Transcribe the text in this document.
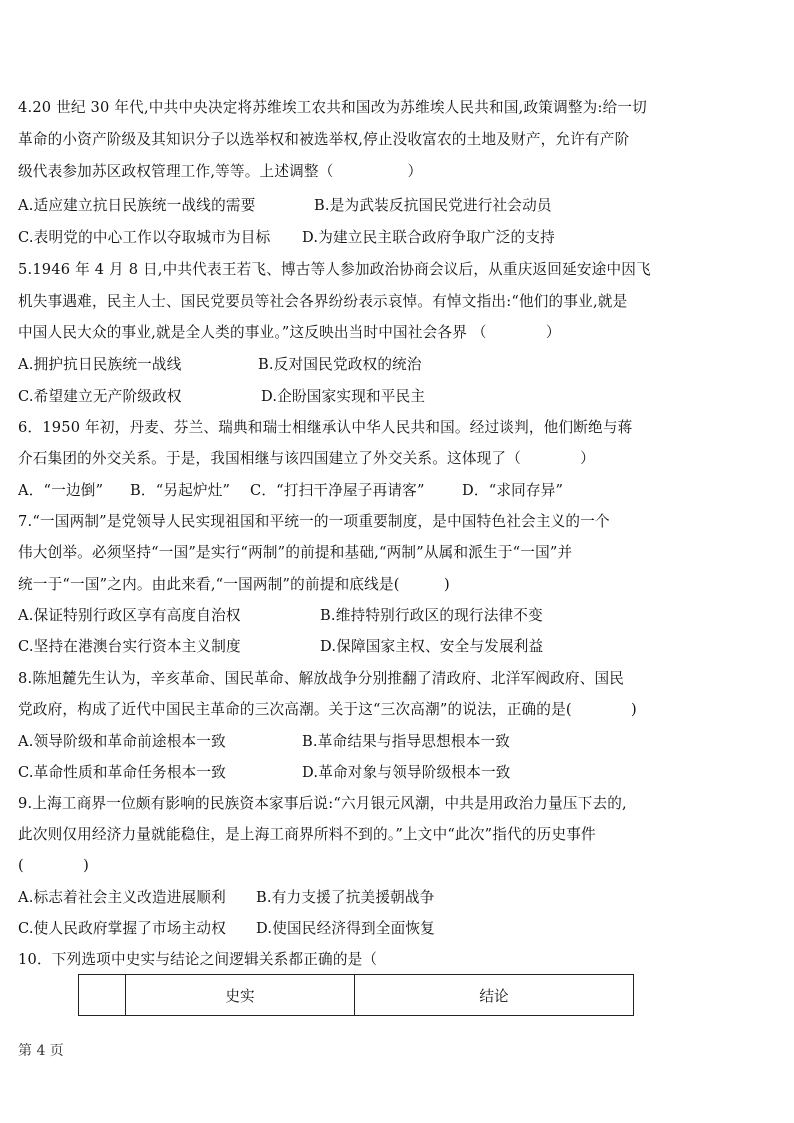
4.20 世纪 30 年代,中共中央决定将苏维埃工农共和国改为苏维埃人民共和国,政策调整为:给一切
革命的小资产阶级及其知识分子以选举权和被选举权,停止没收富农的土地及财产，允许有产阶
级代表参加苏区政权管理工作,等等。上述调整（　　　　　）
A.适应建立抗日民族统一战线的需要	B.是为武装反抗国民党进行社会动员
C.表明党的中心工作以夺取城市为目标 D.为建立民主联合政府争取广泛的支持
5.1946 年 4 月 8 日,中共代表王若飞、博古等人参加政治协商会议后，从重庆返回延安途中因飞
机失事遇难，民主人士、国民党要员等社会各界纷纷表示哀悼。有悼文指出:“他们的事业,就是
中国人民大众的事业,就是全人类的事业。”这反映出当时中国社会各界 （　　　　）
A.拥护抗日民族统一战线	B.反对国民党政权的统治
C.希望建立无产阶级政权	D.企盼国家实现和平民主
6．1950 年初，丹麦、芬兰、瑞典和瑞士相继承认中华人民共和国。经过谈判，他们断绝与蒋
介石集团的外交关系。于是，我国相继与该四国建立了外交关系。这体现了（　　　　）
A．“一边倒” B．“另起炉灶” C．“打扫干净屋子再请客”	D．“求同存异”
7.“一国两制”是党领导人民实现祖国和平统一的一项重要制度，是中国特色社会主义的一个
伟大创举。必须坚持“一国”是实行“两制”的前提和基础,“两制”从属和派生于“一国”并
统一于“一国”之内。由此来看,“一国两制”的前提和底线是(　　　)
A.保证特别行政区享有高度自治权	B.维持特别行政区的现行法律不变
C.坚持在港澳台实行资本主义制度	D.保障国家主权、安全与发展利益
8.陈旭麓先生认为，辛亥革命、国民革命、解放战争分别推翻了清政府、北洋军阀政府、国民
党政府，构成了近代中国民主革命的三次高潮。关于这“三次高潮”的说法，正确的是(　　　　)
A.领导阶级和革命前途根本一致	B.革命结果与指导思想根本一致
C.革命性质和革命任务根本一致	D.革命对象与领导阶级根本一致
9.上海工商界一位颇有影响的民族资本家事后说:“六月银元风潮，中共是用政治力量压下去的,
此次则仅用经济力量就能稳住，是上海工商界所料不到的。”上文中“此次”指代的历史事件
(　　　　)
A.标志着社会主义改造进展顺利 B.有力支援了抗美援朝战争
C.使人民政府掌握了市场主动权 D.使国民经济得到全面恢复
10．下列选项中史实与结论之间逻辑关系都正确的是（
	史实	结论
第 4 页
